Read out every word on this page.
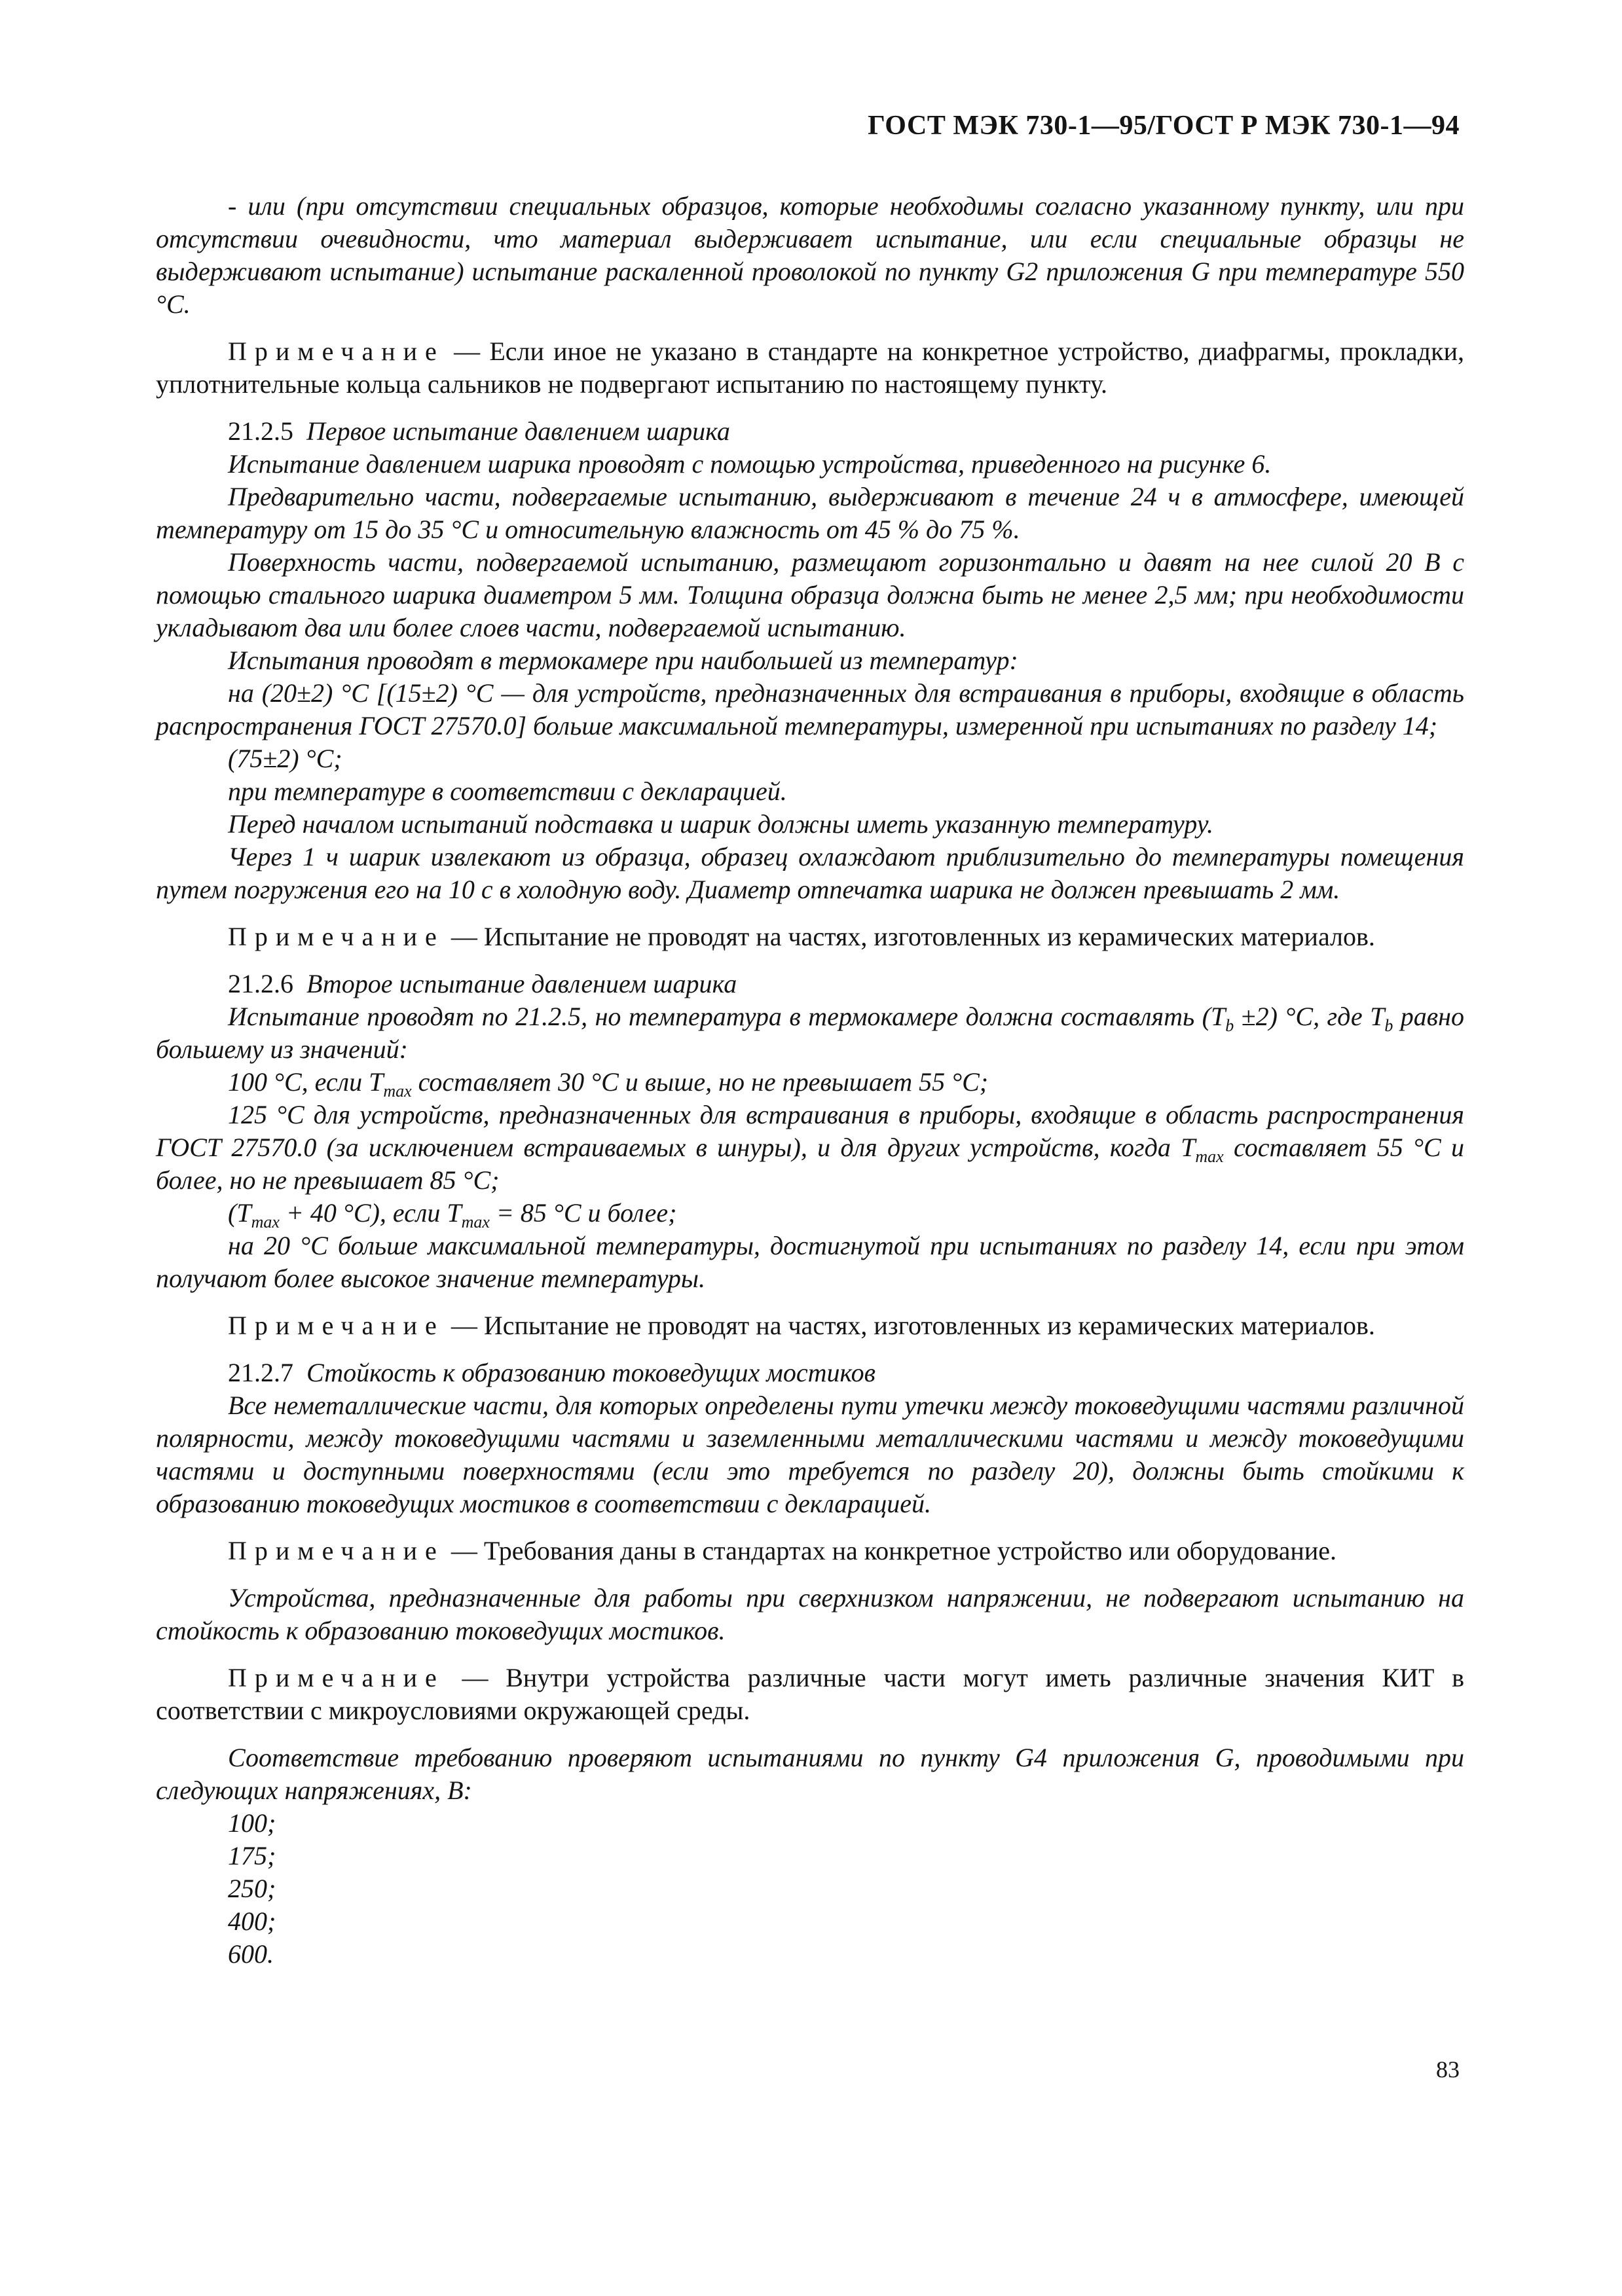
ГОСТ МЭК 730-1—95/ГОСТ Р МЭК 730-1—94

- или (при отсутствии специальных образцов, которые необходимы согласно указанному пункту, или при отсутствии очевидности, что материал выдерживает испытание, или если специальные образцы не выдерживают испытание) испытание раскаленной проволокой по пункту G2 приложения G при температуре 550 °С.

Примечание — Если иное не указано в стандарте на конкретное устройство, диафрагмы, прокладки, уплотнительные кольца сальников не подвергают испытанию по настоящему пункту.

21.2.5 Первое испытание давлением шарика

Испытание давлением шарика проводят с помощью устройства, приведенного на рисунке 6.

Предварительно части, подвергаемые испытанию, выдерживают в течение 24 ч в атмосфере, имеющей температуру от 15 до 35 °С и относительную влажность от 45 % до 75 %.

Поверхность части, подвергаемой испытанию, размещают горизонтально и давят на нее силой 20 В с помощью стального шарика диаметром 5 мм. Толщина образца должна быть не менее 2,5 мм; при необходимости укладывают два или более слоев части, подвергаемой испытанию.

Испытания проводят в термокамере при наибольшей из температур:

на (20±2) °С [(15±2) °С — для устройств, предназначенных для встраивания в приборы, входящие в область распространения ГОСТ 27570.0] больше максимальной температуры, измеренной при испытаниях по разделу 14;

(75±2) °С;

при температуре в соответствии с декларацией.

Перед началом испытаний подставка и шарик должны иметь указанную температуру.

Через 1 ч шарик извлекают из образца, образец охлаждают приблизительно до температуры помещения путем погружения его на 10 с в холодную воду. Диаметр отпечатка шарика не должен превышать 2 мм.

Примечание — Испытание не проводят на частях, изготовленных из керамических материалов.

21.2.6 Второе испытание давлением шарика

Испытание проводят по 21.2.5, но температура в термокамере должна составлять $(T_b \pm 2)$ °С, где $T_b$ равно большему из значений:

100 °С, если $T_{max}$ составляет 30 °С и выше, но не превышает 55 °С;

125 °С для устройств, предназначенных для встраивания в приборы, входящие в область распространения ГОСТ 27570.0 (за исключением встраиваемых в шнуры), и для других устройств, когда $T_{max}$ составляет 55 °С и более, но не превышает 85 °С;

($T_{max} + 40$ °С), если $T_{max} = 85$ °С и более;

на 20 °С больше максимальной температуры, достигнутой при испытаниях по разделу 14, если при этом получают более высокое значение температуры.

Примечание — Испытание не проводят на частях, изготовленных из керамических материалов.

21.2.7 Стойкость к образованию токоведущих мостиков

Все неметаллические части, для которых определены пути утечки между токоведущими частями различной полярности, между токоведущими частями и заземленными металлическими частями и между токоведущими частями и доступными поверхностями (если это требуется по разделу 20), должны быть стойкими к образованию токоведущих мостиков в соответствии с декларацией.

Примечание — Требования даны в стандартах на конкретное устройство или оборудование.

Устройства, предназначенные для работы при сверхнизком напряжении, не подвергают испытанию на стойкость к образованию токоведущих мостиков.

Примечание — Внутри устройства различные части могут иметь различные значения КИТ в соответствии с микроусловиями окружающей среды.

Соответствие требованию проверяют испытаниями по пункту G4 приложения G, проводимыми при следующих напряжениях, В:

100;

175;

250;

400;

600.

83
